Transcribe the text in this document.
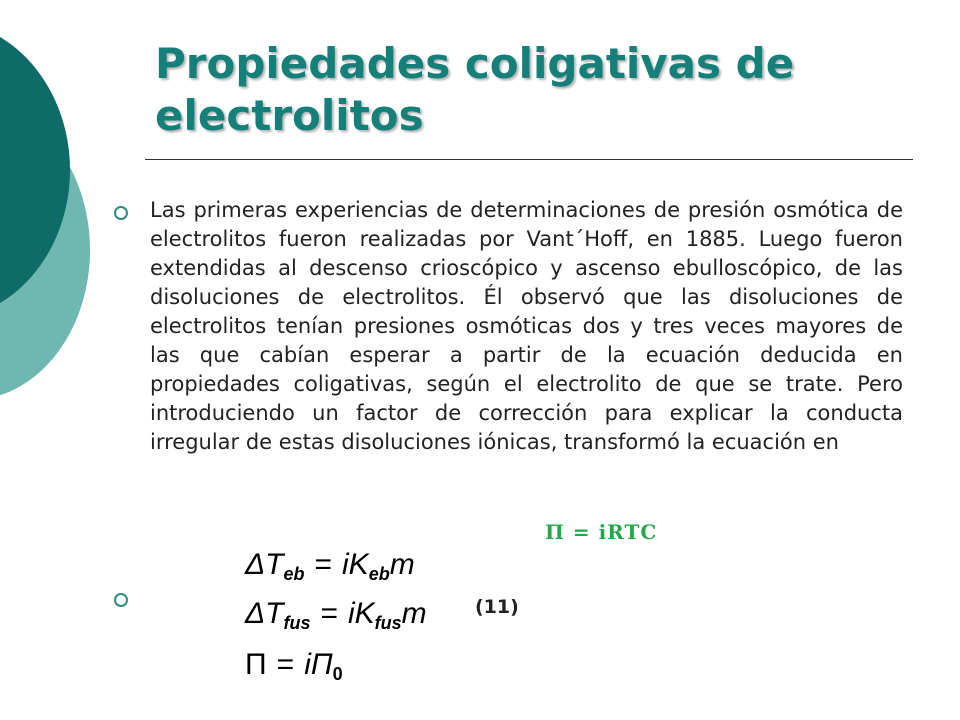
Propiedades coligativas de electrolitos

Las primeras experiencias de determinaciones de presión osmótica de electrolitos fueron realizadas por Vant´Hoff, en 1885. Luego fueron extendidas al descenso crioscópico y ascenso ebulloscópico, de las disoluciones de electrolitos. Él observó que las disoluciones de electrolitos tenían presiones osmóticas dos y tres veces mayores de las que cabían esperar a partir de la ecuación deducida en propiedades coligativas, según el electrolito de que se trate. Pero introduciendo un factor de corrección para explicar la conducta irregular de estas disoluciones iónicas, transformó la ecuación en

Π = iRTC
$\Delta T_{eb} = iK_{eb}m$
$\Delta T_{fus} = iK_{fus}m$	(11)
$\Pi = i\Pi_0$
